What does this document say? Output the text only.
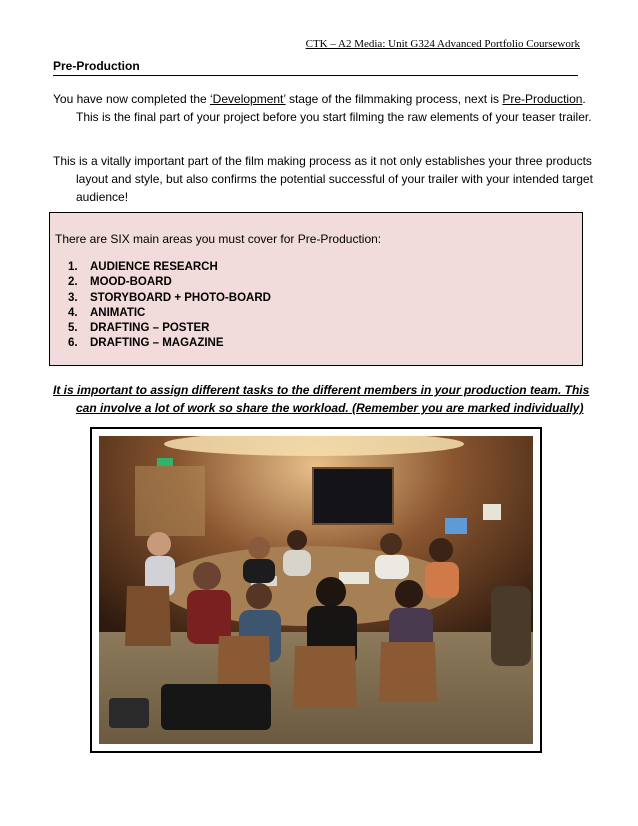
CTK – A2 Media: Unit G324 Advanced Portfolio Coursework
Pre-Production

You have now completed the ‘Development’ stage of the filmmaking process, next is Pre-Production. This is the final part of your project before you start filming the raw elements of your teaser trailer.

This is a vitally important part of the film making process as it not only establishes your three products layout and style, but also confirms the potential successful of your trailer with your intended target audience!

There are SIX main areas you must cover for Pre-Production:
1. AUDIENCE RESEARCH
2. MOOD-BOARD
3. STORYBOARD + PHOTO-BOARD
4. ANIMATIC
5. DRAFTING – POSTER
6. DRAFTING – MAGAZINE

It is important to assign different tasks to the different members in your production team. This can involve a lot of work so share the workload. (Remember you are marked individually)
